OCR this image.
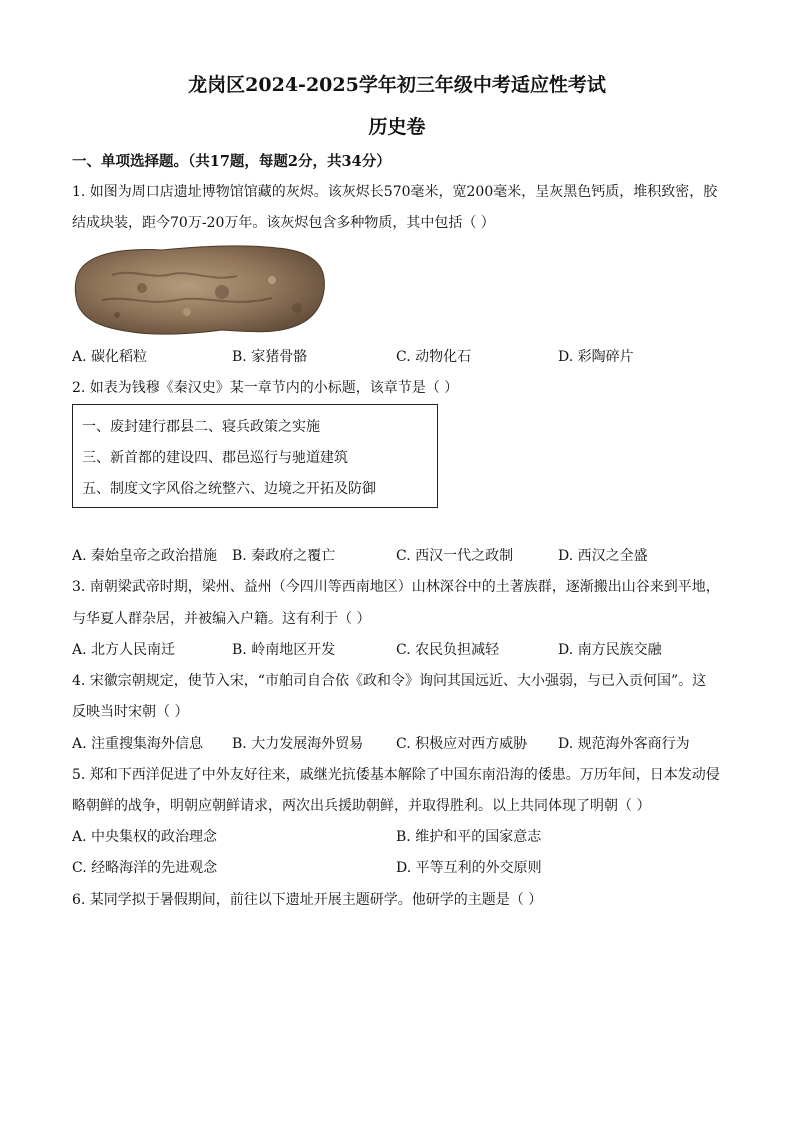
龙岗区2024-2025学年初三年级中考适应性考试
历史卷
一、单项选择题。（共17题，每题2分，共34分）
1. 如图为周口店遗址博物馆馆藏的灰烬。该灰烬长570毫米，宽200毫米，呈灰黑色钙质，堆积致密，胶
结成块装，距今70万-20万年。该灰烬包含多种物质，其中包括（ ）
A. 碳化稻粒	B. 家猪骨骼	C. 动物化石	D. 彩陶碎片
2. 如表为钱穆《秦汉史》某一章节内的小标题，该章节是（ ）
一、废封建行郡县二、寝兵政策之实施
三、新首都的建设四、郡邑巡行与驰道建筑
五、制度文字风俗之统整六、边境之开拓及防御
A. 秦始皇帝之政治措施 B. 秦政府之覆亡	C. 西汉一代之政制	D. 西汉之全盛
3. 南朝梁武帝时期，梁州、益州（今四川等西南地区）山林深谷中的土著族群，逐渐搬出山谷来到平地，
与华夏人群杂居，并被编入户籍。这有利于（ ）
A. 北方人民南迁	B. 岭南地区开发	C. 农民负担减轻	D. 南方民族交融
4. 宋徽宗朝规定，使节入宋，“市舶司自合依《政和令》询问其国远近、大小强弱，与已入贡何国”。这
反映当时宋朝（ ）
A. 注重搜集海外信息 B. 大力发展海外贸易 C. 积极应对西方威胁 D. 规范海外客商行为
5. 郑和下西洋促进了中外友好往来，戚继光抗倭基本解除了中国东南沿海的倭患。万历年间，日本发动侵
略朝鲜的战争，明朝应朝鲜请求，两次出兵援助朝鲜，并取得胜利。以上共同体现了明朝（ ）
A. 中央集权的政治理念	B. 维护和平的国家意志
C. 经略海洋的先进观念	D. 平等互利的外交原则
6. 某同学拟于暑假期间，前往以下遗址开展主题研学。他研学的主题是（ ）
